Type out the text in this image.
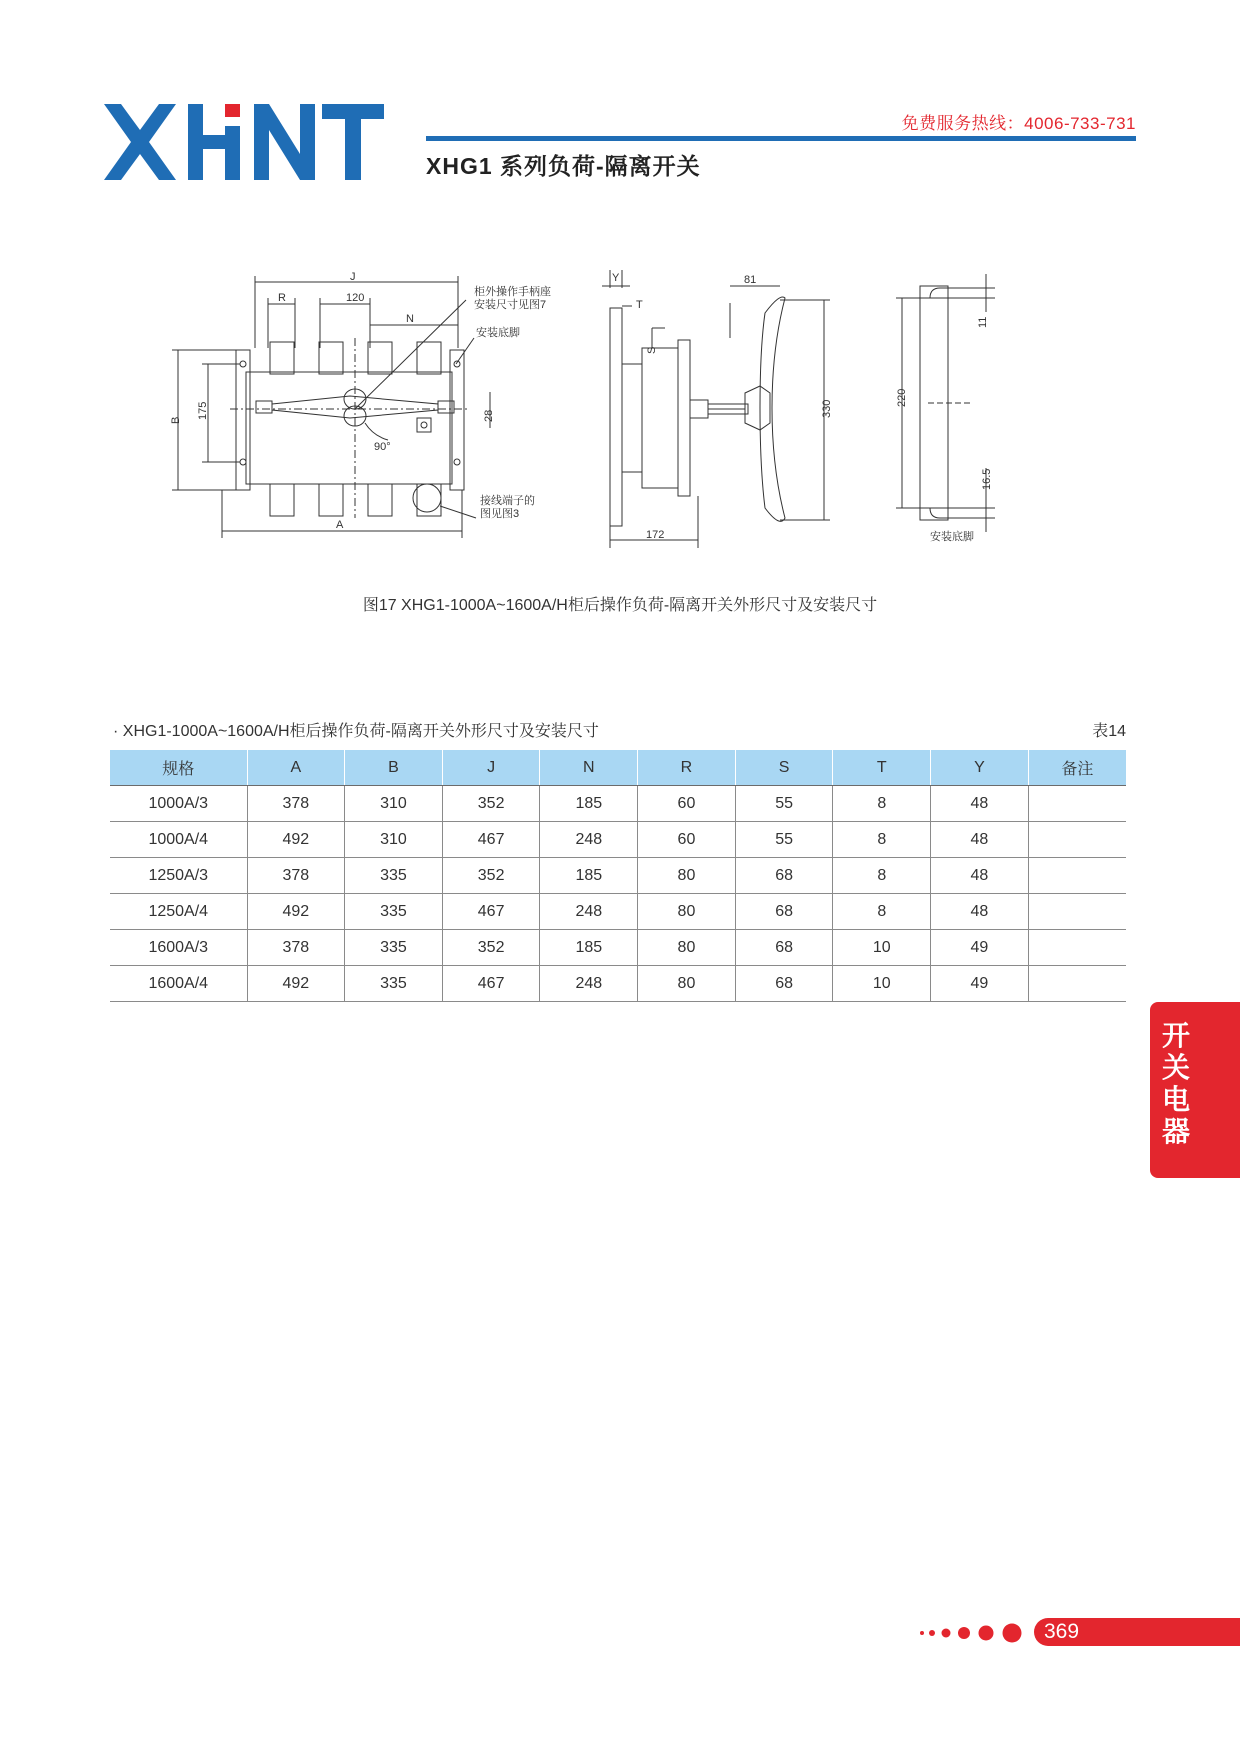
免费服务热线：4006-733-731
XHG1 系列负荷-隔离开关
J
R	120
N
28
90°
B
175
A
柜外操作手柄座
安装尺寸见图7
安装底脚
接线端子的
图见图3
Y
T
S
81
330
172
220
11
16.5
安装底脚
图17 XHG1-1000A~1600A/H柜后操作负荷-隔离开关外形尺寸及安装尺寸
· XHG1-1000A~1600A/H柜后操作负荷-隔离开关外形尺寸及安装尺寸	表14
规格	A	B	J	N	R	S	T	Y	备注
1000A/3	378	310	352	185	60	55	8	48	
1000A/4	492	310	467	248	60	55	8	48	
1250A/3	378	335	352	185	80	68	8	48	
1250A/4	492	335	467	248	80	68	8	48	
1600A/3	378	335	352	185	80	68	10	49	
1600A/4	492	335	467	248	80	68	10	49	
开关电器
369
